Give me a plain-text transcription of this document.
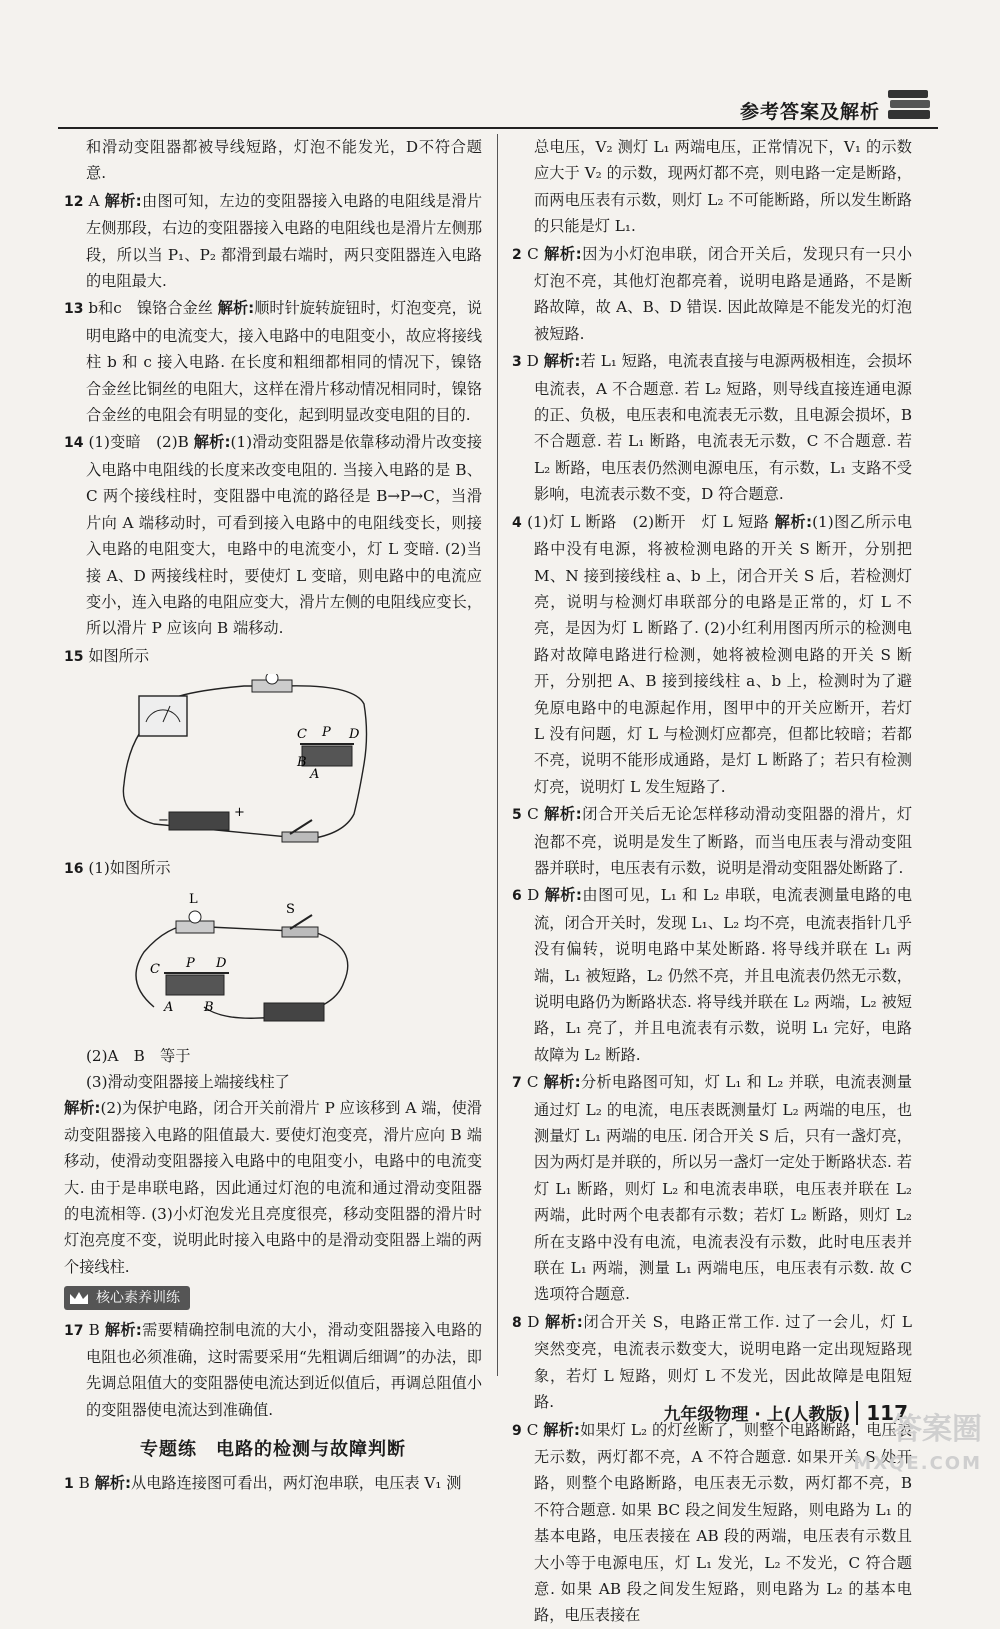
参考答案及解析

和滑动变阻器都被导线短路，灯泡不能发光，D不符合题意.

12 A 解析:由图可知，左边的变阻器接入电路的电阻线是滑片左侧那段，右边的变阻器接入电路的电阻线也是滑片左侧那段，所以当 P₁、P₂ 都滑到最右端时，两只变阻器连入电路的电阻最大.

13 b和c　镍铬合金丝 解析:顺时针旋转旋钮时，灯泡变亮，说明电路中的电流变大，接入电路中的电阻变小，故应将接线柱 b 和 c 接入电路. 在长度和粗细都相同的情况下，镍铬合金丝比铜丝的电阻大，这样在滑片移动情况相同时，镍铬合金丝的电阻会有明显的变化，起到明显改变电阻的目的.

14 (1)变暗　(2)B 解析:(1)滑动变阻器是依靠移动滑片改变接入电路中电阻线的长度来改变电阻的. 当接入电路的是 B、C 两个接线柱时，变阻器中电流的路径是 B→P→C，当滑片向 A 端移动时，可看到接入电路中的电阻线变长，则接入电路的电阻变大，电路中的电流变小，灯 L 变暗. (2)当接 A、D 两接线柱时，要使灯 L 变暗，则电路中的电流应变小，连入电路的电阻应变大，滑片左侧的电阻线应变长，所以滑片 P 应该向 B 端移动.

15 如图所示

C P D
B
A
−
+

16 (1)如图所示

L
S
C P D
A B

(2)A　B　等于

(3)滑动变阻器接上端接线柱了

解析:(2)为保护电路，闭合开关前滑片 P 应该移到 A 端，使滑动变阻器接入电路的阻值最大. 要使灯泡变亮，滑片应向 B 端移动，使滑动变阻器接入电路中的电阻变小，电路中的电流变大. 由于是串联电路，因此通过灯泡的电流和通过滑动变阻器的电流相等. (3)小灯泡发光且亮度很亮，移动变阻器的滑片时灯泡亮度不变，说明此时接入电路中的是滑动变阻器上端的两个接线柱.

核心素养训练

17 B 解析:需要精确控制电流的大小，滑动变阻器接入电路的电阻也必须准确，这时需要采用“先粗调后细调”的办法，即先调总阻值大的变阻器使电流达到近似值后，再调总阻值小的变阻器使电流达到准确值.

专题练　电路的检测与故障判断

1 B 解析:从电路连接图可看出，两灯泡串联，电压表 V₁ 测

总电压，V₂ 测灯 L₁ 两端电压，正常情况下，V₁ 的示数应大于 V₂ 的示数，现两灯都不亮，则电路一定是断路，而两电压表有示数，则灯 L₂ 不可能断路，所以发生断路的只能是灯 L₁.

2 C 解析:因为小灯泡串联，闭合开关后，发现只有一只小灯泡不亮，其他灯泡都亮着，说明电路是通路，不是断路故障，故 A、B、D 错误. 因此故障是不能发光的灯泡被短路.

3 D 解析:若 L₁ 短路，电流表直接与电源两极相连，会损坏电流表，A 不合题意. 若 L₂ 短路，则导线直接连通电源的正、负极，电压表和电流表无示数，且电源会损坏，B 不合题意. 若 L₁ 断路，电流表无示数，C 不合题意. 若 L₂ 断路，电压表仍然测电源电压，有示数，L₁ 支路不受影响，电流表示数不变，D 符合题意.

4 (1)灯 L 断路　(2)断开　灯 L 短路 解析:(1)图乙所示电路中没有电源，将被检测电路的开关 S 断开，分别把 M、N 接到接线柱 a、b 上，闭合开关 S 后，若检测灯亮，说明与检测灯串联部分的电路是正常的，灯 L 不亮，是因为灯 L 断路了. (2)小红利用图丙所示的检测电路对故障电路进行检测，她将被检测电路的开关 S 断开，分别把 A、B 接到接线柱 a、b 上，检测时为了避免原电路中的电源起作用，图甲中的开关应断开，若灯 L 没有问题，灯 L 与检测灯应都亮，但都比较暗；若都不亮，说明不能形成通路，是灯 L 断路了；若只有检测灯亮，说明灯 L 发生短路了.

5 C 解析:闭合开关后无论怎样移动滑动变阻器的滑片，灯泡都不亮，说明是发生了断路，而当电压表与滑动变阻器并联时，电压表有示数，说明是滑动变阻器处断路了.

6 D 解析:由图可见，L₁ 和 L₂ 串联，电流表测量电路的电流，闭合开关时，发现 L₁、L₂ 均不亮，电流表指针几乎没有偏转，说明电路中某处断路. 将导线并联在 L₁ 两端，L₁ 被短路，L₂ 仍然不亮，并且电流表仍然无示数，说明电路仍为断路状态. 将导线并联在 L₂ 两端，L₂ 被短路，L₁ 亮了，并且电流表有示数，说明 L₁ 完好，电路故障为 L₂ 断路.

7 C 解析:分析电路图可知，灯 L₁ 和 L₂ 并联，电流表测量通过灯 L₂ 的电流，电压表既测量灯 L₂ 两端的电压，也测量灯 L₁ 两端的电压. 闭合开关 S 后，只有一盏灯亮，因为两灯是并联的，所以另一盏灯一定处于断路状态. 若灯 L₁ 断路，则灯 L₂ 和电流表串联，电压表并联在 L₂ 两端，此时两个电表都有示数；若灯 L₂ 断路，则灯 L₂ 所在支路中没有电流，电流表没有示数，此时电压表并联在 L₁ 两端，测量 L₁ 两端电压，电压表有示数. 故 C 选项符合题意.

8 D 解析:闭合开关 S，电路正常工作. 过了一会儿，灯 L 突然变亮，电流表示数变大，说明电路一定出现短路现象，若灯 L 短路，则灯 L 不发光，因此故障是电阻短路.

9 C 解析:如果灯 L₂ 的灯丝断了，则整个电路断路，电压表无示数，两灯都不亮，A 不符合题意. 如果开关 S 处开路，则整个电路断路，电压表无示数，两灯都不亮，B 不符合题意. 如果 BC 段之间发生短路，则电路为 L₁ 的基本电路，电压表接在 AB 段的两端，电压表有示数且大小等于电源电压，灯 L₁ 发光，L₂ 不发光，C 符合题意. 如果 AB 段之间发生短路，则电路为 L₂ 的基本电路，电压表接在

九年级物理 · 上(人教版) 117
答案圈
MXQE.COM
